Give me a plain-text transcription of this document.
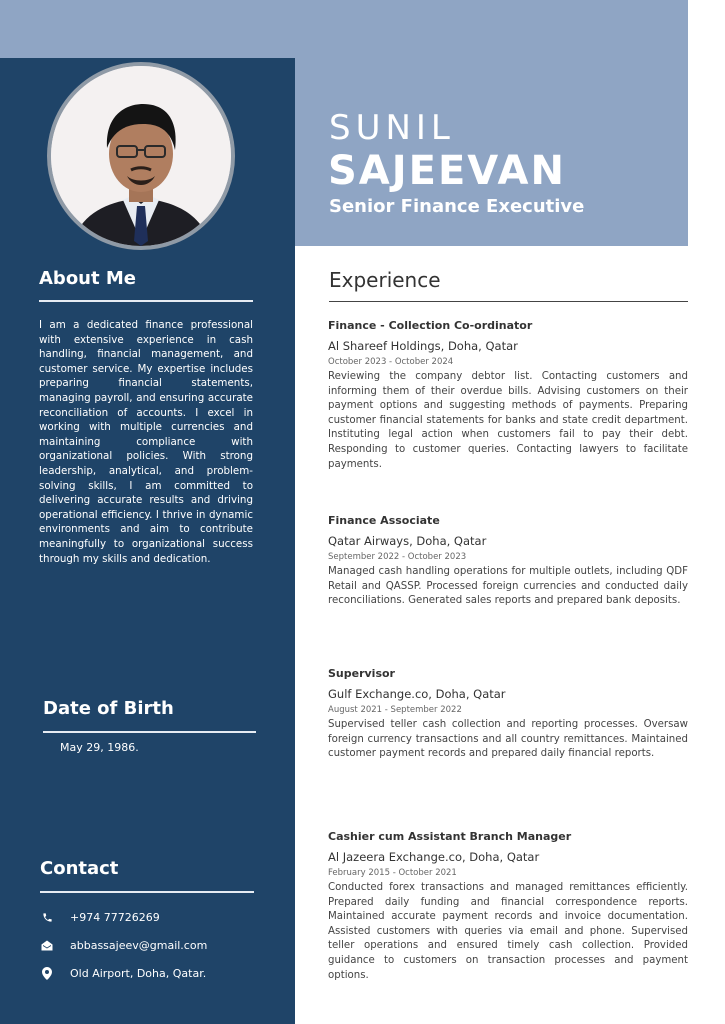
SUNIL
SAJEEVAN
Senior Finance Executive
About Me
I am a dedicated finance professional with extensive experience in cash handling, financial management, and customer service. My expertise includes preparing financial statements, managing payroll, and ensuring accurate reconciliation of accounts. I excel in working with multiple currencies and maintaining compliance with organizational policies. With strong leadership, analytical, and problem-solving skills, I am committed to delivering accurate results and driving operational efficiency. I thrive in dynamic environments and aim to contribute meaningfully to organizational success through my skills and dedication.
Date of Birth
May 29, 1986.
Contact
+974 77726269
abbassajeev@gmail.com
Old Airport, Doha, Qatar.
Experience
Finance - Collection Co-ordinator
Al Shareef Holdings, Doha, Qatar
October 2023 - October 2024
Reviewing the company debtor list. Contacting customers and informing them of their overdue bills. Advising customers on their payment options and suggesting methods of payments. Preparing customer financial statements for banks and state credit department. Instituting legal action when customers fail to pay their debt. Responding to customer queries. Contacting lawyers to facilitate payments.
Finance Associate
Qatar Airways, Doha, Qatar
September 2022 - October 2023
Managed cash handling operations for multiple outlets, including QDF Retail and QASSP. Processed foreign currencies and conducted daily reconciliations. Generated sales reports and prepared bank deposits.
Supervisor
Gulf Exchange.co, Doha, Qatar
August 2021 - September 2022
Supervised teller cash collection and reporting processes. Oversaw foreign currency transactions and all country remittances. Maintained customer payment records and prepared daily financial reports.
Cashier cum Assistant Branch Manager
Al Jazeera Exchange.co, Doha, Qatar
February 2015 - October 2021
Conducted forex transactions and managed remittances efficiently. Prepared daily funding and financial correspondence reports. Maintained accurate payment records and invoice documentation. Assisted customers with queries via email and phone. Supervised teller operations and ensured timely cash collection. Provided guidance to customers on transaction processes and payment options.
